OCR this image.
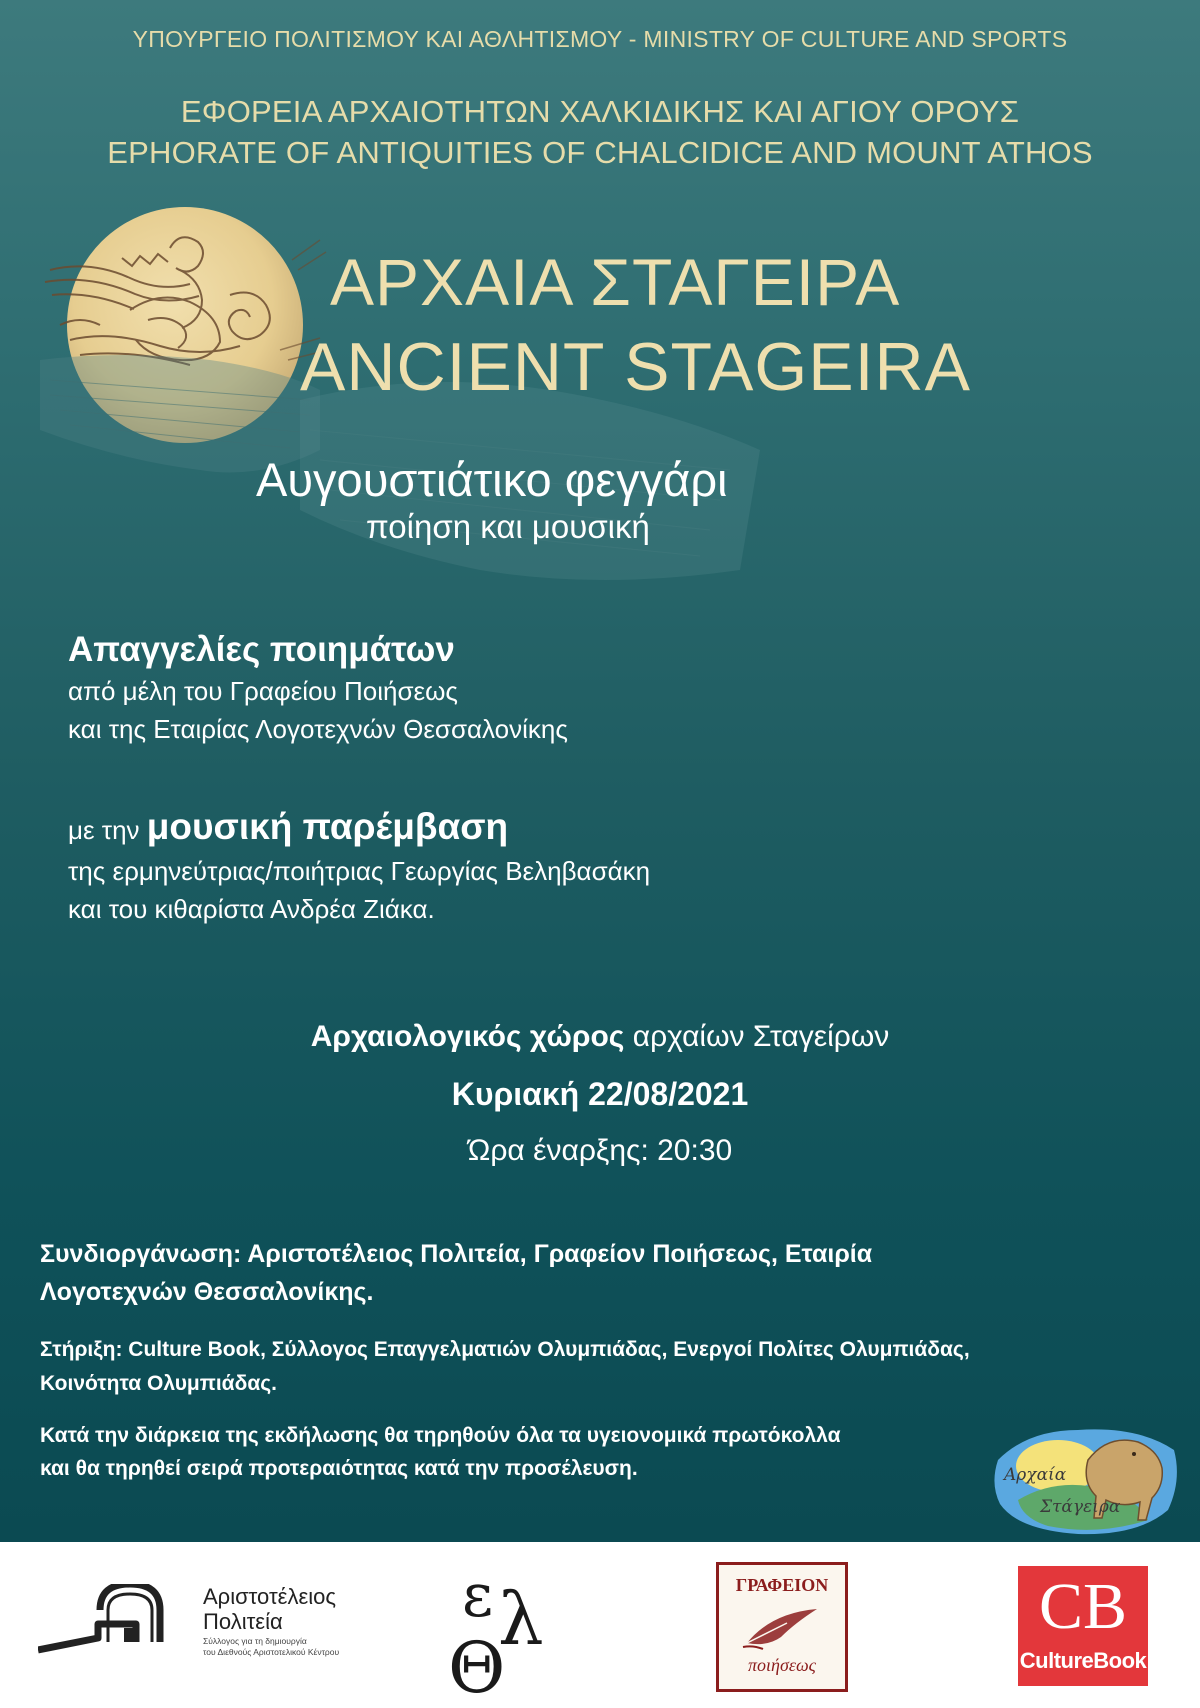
ΥΠΟΥΡΓΕΙΟ ΠΟΛΙΤΙΣΜΟΥ ΚΑΙ ΑΘΛΗΤΙΣΜΟΥ - MINISTRY OF CULTURE AND SPORTS
ΕΦΟΡΕΙΑ ΑΡΧΑΙΟΤΗΤΩΝ ΧΑΛΚΙΔΙΚΗΣ ΚΑΙ ΑΓΙΟΥ ΟΡΟΥΣ
EPHORATE OF ANTIQUITIES OF CHALCIDICE AND MOUNT ATHOS
ΑΡΧΑΙΑ ΣΤΑΓΕΙΡΑ
ANCIENT STAGEIRA
Αυγουστιάτικο φεγγάρι
ποίηση και μουσική
Απαγγελίες ποιημάτων
από μέλη του Γραφείου Ποιήσεως
και της Εταιρίας Λογοτεχνών Θεσσαλονίκης
με την μουσική παρέμβαση
της ερμηνεύτριας/ποιήτριας Γεωργίας Βεληβασάκη
και του κιθαρίστα Ανδρέα Ζιάκα.
Αρχαιολογικός χώρος αρχαίων Σταγείρων
Κυριακή 22/08/2021
Ώρα έναρξης: 20:30
Συνδιοργάνωση: Αριστοτέλειος Πολιτεία, Γραφείον Ποιήσεως, Εταιρία
Λογοτεχνών Θεσσαλονίκης.
Στήριξη: Culture Book, Σύλλογος Επαγγελματιών Ολυμπιάδας, Ενεργοί Πολίτες Ολυμπιάδας,
Κοινότητα Ολυμπιάδας.
Κατά την διάρκεια της εκδήλωσης θα τηρηθούν όλα τα υγειονομικά πρωτόκολλα
και θα τηρηθεί σειρά προτεραιότητας κατά την προσέλευση.	Αρχαία
Στάγειρα
Αριστοτέλειος
Πολιτεία
Σύλλογος για τη δημιουργία
του Διεθνούς Αριστοτελικού Κέντρου
ε λ
Θ
ΓΡΑΦΕΙΟΝ
ποιήσεως
CB
CultureBook
